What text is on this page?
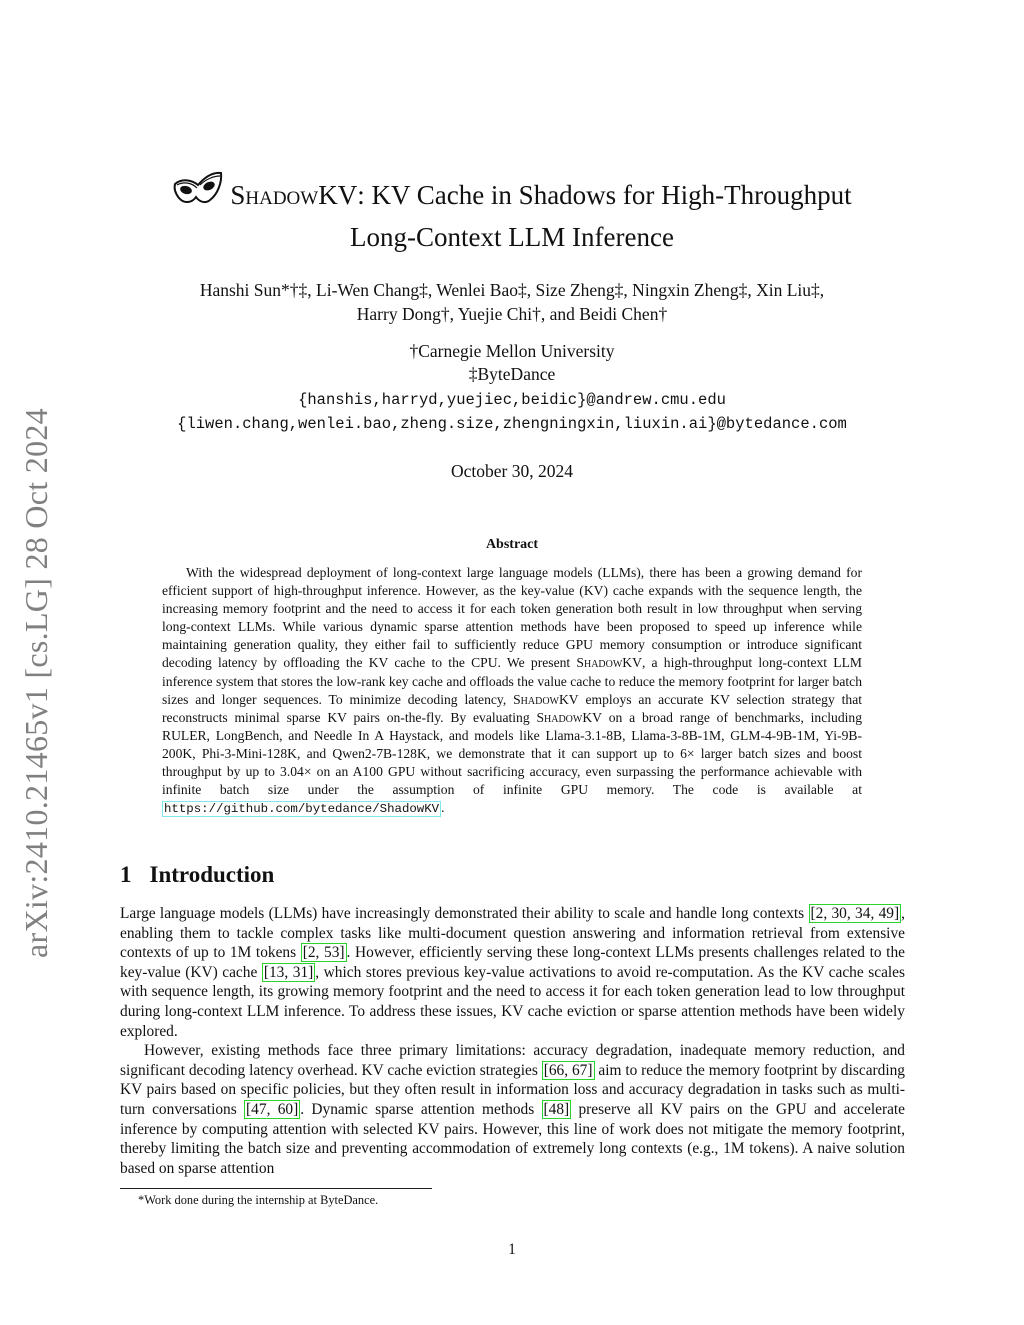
arXiv:2410.21465v1 [cs.LG] 28 Oct 2024
ShadowKV: KV Cache in Shadows for High-Throughput
Long-Context LLM Inference
Hanshi Sun*†‡, Li-Wen Chang‡, Wenlei Bao‡, Size Zheng‡, Ningxin Zheng‡, Xin Liu‡,
Harry Dong†, Yuejie Chi†, and Beidi Chen†
†Carnegie Mellon University
‡ByteDance
{hanshis,harryd,yuejiec,beidic}@andrew.cmu.edu
{liwen.chang,wenlei.bao,zheng.size,zhengningxin,liuxin.ai}@bytedance.com
October 30, 2024
Abstract

With the widespread deployment of long-context large language models (LLMs), there has been a growing demand for efficient support of high-throughput inference. However, as the key-value (KV) cache expands with the sequence length, the increasing memory footprint and the need to access it for each token generation both result in low throughput when serving long-context LLMs. While various dynamic sparse attention methods have been proposed to speed up inference while maintaining generation quality, they either fail to sufficiently reduce GPU memory consumption or introduce significant decoding latency by offloading the KV cache to the CPU. We present ShadowKV, a high-throughput long-context LLM inference system that stores the low-rank key cache and offloads the value cache to reduce the memory footprint for larger batch sizes and longer sequences. To minimize decoding latency, ShadowKV employs an accurate KV selection strategy that reconstructs minimal sparse KV pairs on-the-fly. By evaluating ShadowKV on a broad range of benchmarks, including RULER, LongBench, and Needle In A Haystack, and models like Llama-3.1-8B, Llama-3-8B-1M, GLM-4-9B-1M, Yi-9B-200K, Phi-3-Mini-128K, and Qwen2-7B-128K, we demonstrate that it can support up to 6× larger batch sizes and boost throughput by up to 3.04× on an A100 GPU without sacrificing accuracy, even surpassing the performance achievable with infinite batch size under the assumption of infinite GPU memory. The code is available at https://github.com/bytedance/ShadowKV .

1 Introduction

Large language models (LLMs) have increasingly demonstrated their ability to scale and handle long contexts [2, 30, 34, 49] , enabling them to tackle complex tasks like multi-document question answering and information retrieval from extensive contexts of up to 1M tokens [2, 53] . However, efficiently serving these long-context LLMs presents challenges related to the key-value (KV) cache [13, 31] , which stores previous key-value activations to avoid re-computation. As the KV cache scales with sequence length, its growing memory footprint and the need to access it for each token generation lead to low throughput during long-context LLM inference. To address these issues, KV cache eviction or sparse attention methods have been widely explored.

However, existing methods face three primary limitations: accuracy degradation, inadequate memory reduction, and significant decoding latency overhead. KV cache eviction strategies [66, 67] aim to reduce the memory footprint by discarding KV pairs based on specific policies, but they often result in information loss and accuracy degradation in tasks such as multi-turn conversations [47, 60] . Dynamic sparse attention methods [48] preserve all KV pairs on the GPU and accelerate inference by computing attention with selected KV pairs. However, this line of work does not mitigate the memory footprint, thereby limiting the batch size and preventing accommodation of extremely long contexts (e.g., 1M tokens). A naive solution based on sparse attention

*Work done during the internship at ByteDance.
1
